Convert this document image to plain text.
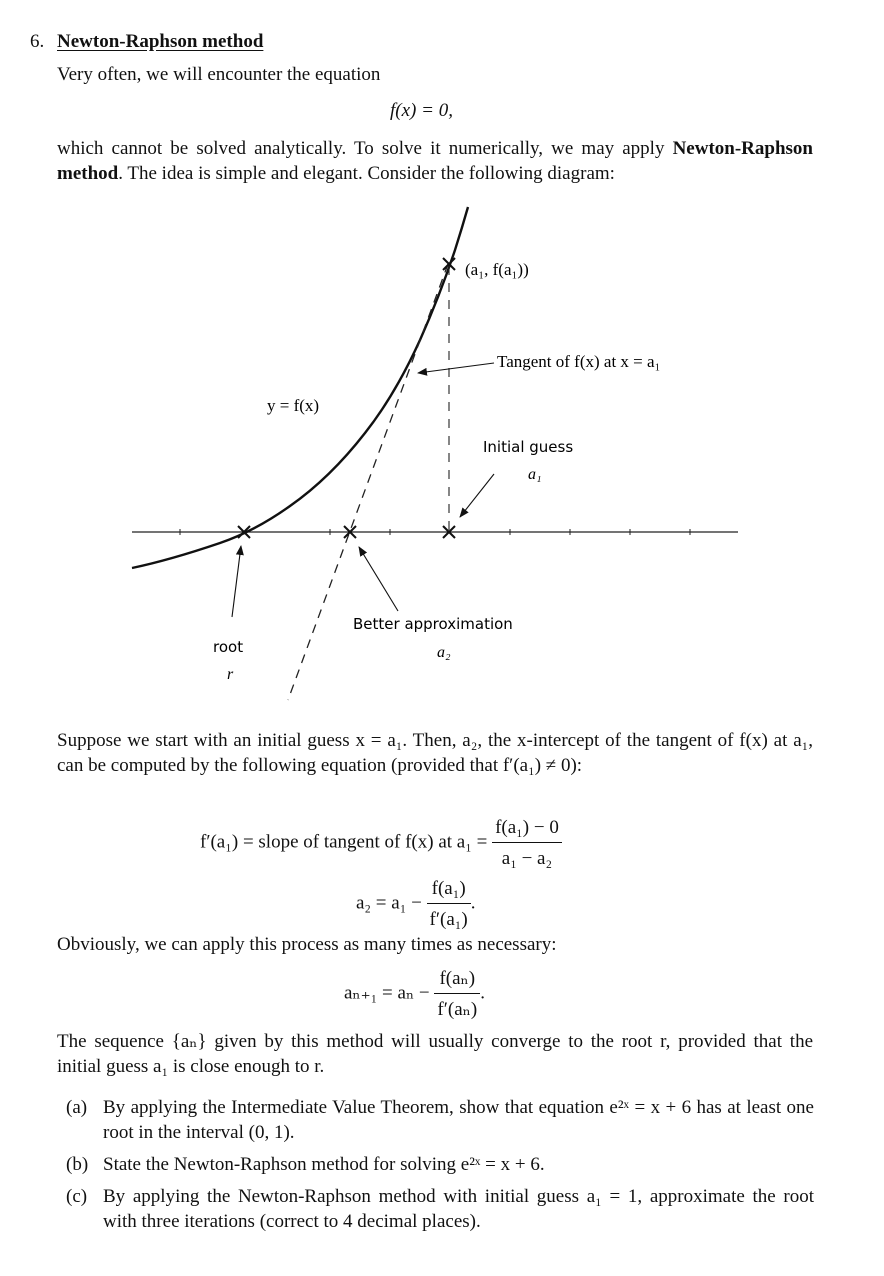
6. Newton-Raphson method
Very often, we will encounter the equation
f(x) = 0,
which cannot be solved analytically. To solve it numerically, we may apply Newton-Raphson method. The idea is simple and elegant. Consider the following diagram:
(a₁, f(a₁))
Tangent of f(x) at x = a₁
y = f(x)
Initial guess
a₁
Better approximation
a₂
root
r
Suppose we start with an initial guess x = a₁. Then, a₂, the x-intercept of the tangent of f(x) at a₁, can be computed by the following equation (provided that f′(a₁) ≠ 0):
f′(a₁) = slope of tangent of f(x) at $a_1 = \frac{\text{f(a₁) − 0}}{\text{a₁ − a₂}}$
$a_2 = a_1 - \frac{\text{f(a₁)}}{\text{f′(a₁)}}$ .
Obviously, we can apply this process as many times as necessary:
$a_{n+1} = a_n - \frac{\text{f(aₙ)}}{\text{f′(aₙ)}}$ .
The sequence {aₙ} given by this method will usually converge to the root r, provided that the initial guess a₁ is close enough to r.
(a) By applying the Intermediate Value Theorem, show that equation e²ˣ = x + 6 has at least one root in the interval (0, 1).
(b) State the Newton-Raphson method for solving e²ˣ = x + 6.
(c) By applying the Newton-Raphson method with initial guess a₁ = 1, approximate the root with three iterations (correct to 4 decimal places).
